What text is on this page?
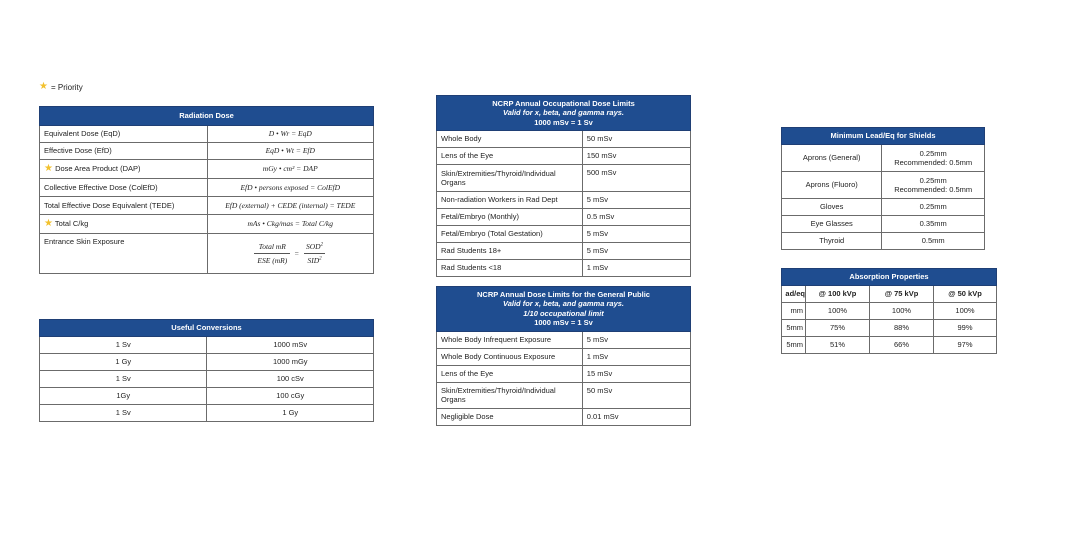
★ = Priority
Radiation Dose	
Equivalent Dose (EqD)	D • Wr = EqD
Effective Dose (EfD)	EqD • Wt = EfD
★ Dose Area Product (DAP)	mGy • cm² = DAP
Collective Effective Dose (ColEfD)	EfD • persons exposed = ColEfD
Total Effective Dose Equivalent (TEDE)	EfD (external) + CEDE (internal) = TEDE
★ Total C/kg	mAs • Ckg/mas = Total C/kg
Entrance Skin Exposure	$\frac{\text{Total mR}}{\text{ESE (mR)}} = \frac{SOD^2}{SID^2}$
Useful Conversions	
1 Sv	1000 mSv
1 Gy	1000 mGy
1 Sv	100 cSv
1Gy	100 cGy
1 Sv	1 Gy
NCRP Annual Occupational Dose Limits
Valid for x, beta, and gamma rays.
1000 mSv = 1 Sv	

Whole Body	50 mSv
Lens of the Eye	150 mSv
Skin/Extremities/Thyroid/Individual Organs	500 mSv
Non-radiation Workers in Rad Dept	5 mSv
Fetal/Embryo (Monthly)	0.5 mSv
Fetal/Embryo (Total Gestation)	5 mSv
Rad Students 18+	5 mSv
Rad Students <18	1 mSv
NCRP Annual Dose Limits for the General Public
Valid for x, beta, and gamma rays.
1/10 occupational limit
1000 mSv = 1 Sv	

Whole Body Infrequent Exposure	5 mSv
Whole Body Continuous Exposure	1 mSv
Lens of the Eye	15 mSv
Skin/Extremities/Thyroid/Individual Organs	50 mSv
Negligible Dose	0.01 mSv
Minimum Lead/Eq for Shields	
Aprons (General)	0.25mm
Recommended: 0.5mm
Aprons (Fluoro)	0.25mm
Recommended: 0.5mm
Gloves	0.25mm
Eye Glasses	0.35mm
Thyroid	0.5mm
Absorption Properties			
ad/eq	@ 100 kVp	@ 75 kVp	@ 50 kVp
mm	100%	100%	100%
5mm	75%	88%	99%
5mm	51%	66%	97%
